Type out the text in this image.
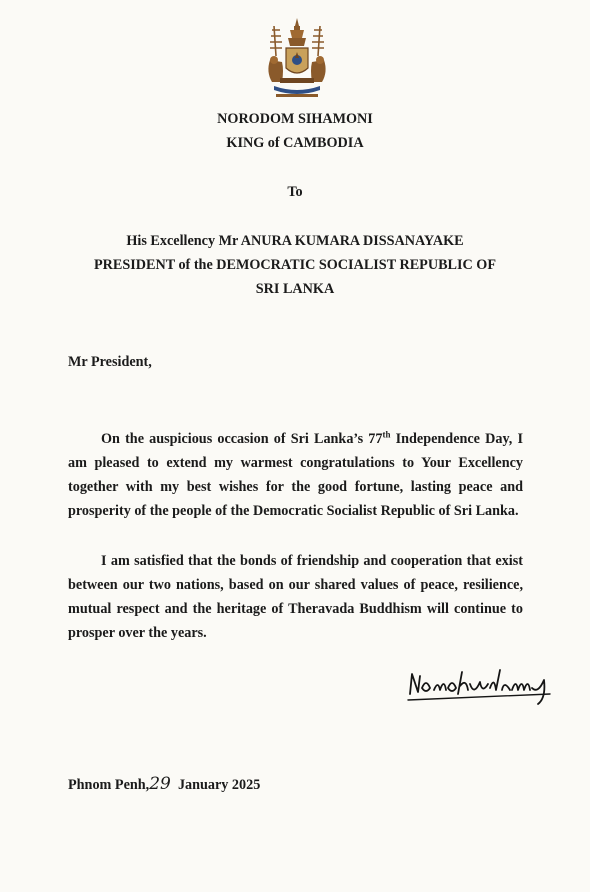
NORODOM SIHAMONI
KING of CAMBODIA
To
His Excellency Mr ANURA KUMARA DISSANAYAKE
PRESIDENT of the DEMOCRATIC SOCIALIST REPUBLIC OF
SRI LANKA
Mr President,
On the auspicious occasion of Sri Lanka’s 77th Independence Day, I
am pleased to extend my warmest congratulations to Your Excellency
together with my best wishes for the good fortune, lasting peace and
prosperity of the people of the Democratic Socialist Republic of Sri Lanka.
I am satisfied that the bonds of friendship and cooperation that exist
between our two nations, based on our shared values of peace, resilience,
mutual respect and the heritage of Theravada Buddhism will continue to
prosper over the years.
Phnom Penh,29 January 2025
